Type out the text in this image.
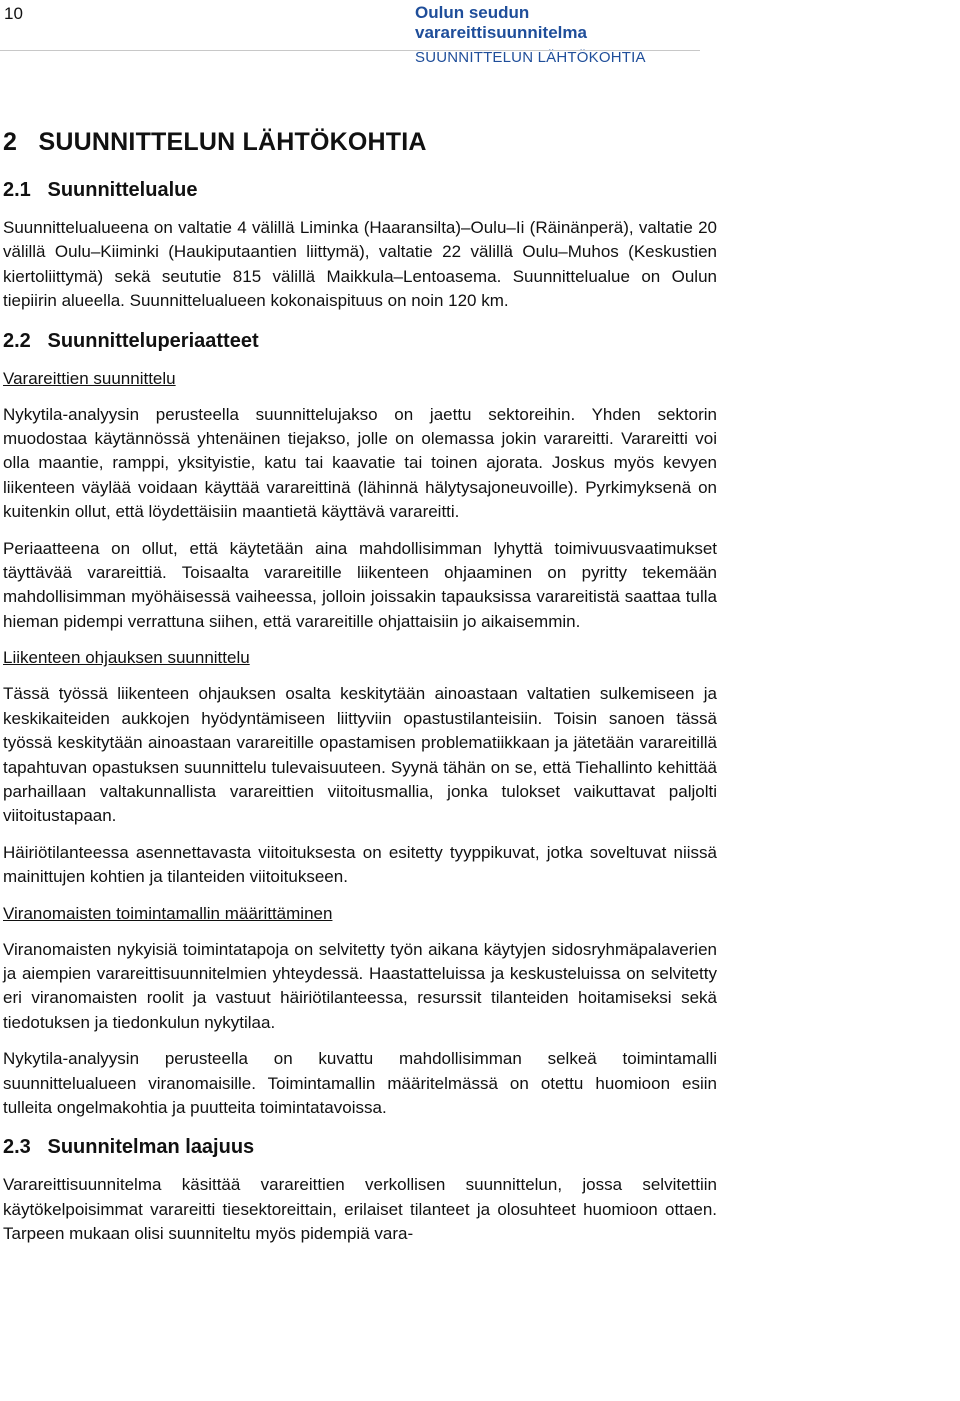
10	Oulun seudun varareittisuunnitelma
SUUNNITTELUN LÄHTÖKOHTIA
2   SUUNNITTELUN LÄHTÖKOHTIA
2.1   Suunnittelualue

Suunnittelualueena on valtatie 4 välillä Liminka (Haaransilta)–Oulu–Ii (Räinänperä), valtatie 20 välillä Oulu–Kiiminki (Haukiputaantien liittymä), valtatie 22 välillä Oulu–Muhos (Keskustien kiertoliittymä) sekä seututie 815 välillä Maikkula–Lentoasema. Suunnittelualue on Oulun tiepiirin alueella. Suunnittelualueen kokonaispituus on noin 120 km.

2.2   Suunnitteluperiaatteet
Varareittien suunnittelu

Nykytila-analyysin perusteella suunnittelujakso on jaettu sektoreihin. Yhden sektorin muodostaa käytännössä yhtenäinen tiejakso, jolle on olemassa jokin varareitti. Varareitti voi olla maantie, ramppi, yksityistie, katu tai kaavatie tai toinen ajorata. Joskus myös kevyen liikenteen väylää voidaan käyttää varareittinä (lähinnä hälytysajoneuvoille). Pyrkimyksenä on kuitenkin ollut, että löydettäisiin maantietä käyttävä varareitti.

Periaatteena on ollut, että käytetään aina mahdollisimman lyhyttä toimivuusvaatimukset täyttävää varareittiä. Toisaalta varareitille liikenteen ohjaaminen on pyritty tekemään mahdollisimman myöhäisessä vaiheessa, jolloin joissakin tapauksissa varareitistä saattaa tulla hieman pidempi verrattuna siihen, että varareitille ohjattaisiin jo aikaisemmin.

Liikenteen ohjauksen suunnittelu

Tässä työssä liikenteen ohjauksen osalta keskitytään ainoastaan valtatien sulkemiseen ja keskikaiteiden aukkojen hyödyntämiseen liittyviin opastustilanteisiin. Toisin sanoen tässä työssä keskitytään ainoastaan varareitille opastamisen problematiikkaan ja jätetään varareitillä tapahtuvan opastuksen suunnittelu tulevaisuuteen. Syynä tähän on se, että Tiehallinto kehittää parhaillaan valtakunnallista varareittien viitoitusmallia, jonka tulokset vaikuttavat paljolti viitoitustapaan.

Häiriötilanteessa asennettavasta viitoituksesta on esitetty tyyppikuvat, jotka soveltuvat niissä mainittujen kohtien ja tilanteiden viitoitukseen.

Viranomaisten toimintamallin määrittäminen

Viranomaisten nykyisiä toimintatapoja on selvitetty työn aikana käytyjen sidosryhmäpalaverien ja aiempien varareittisuunnitelmien yhteydessä. Haastatteluissa ja keskusteluissa on selvitetty eri viranomaisten roolit ja vastuut häiriötilanteessa, resurssit tilanteiden hoitamiseksi sekä tiedotuksen ja tiedonkulun nykytilaa.

Nykytila-analyysin perusteella on kuvattu mahdollisimman selkeä toimintamalli suunnittelualueen viranomaisille. Toimintamallin määritelmässä on otettu huomioon esiin tulleita ongelmakohtia ja puutteita toimintatavoissa.

2.3   Suunnitelman laajuus

Varareittisuunnitelma käsittää varareittien verkollisen suunnittelun, jossa selvitettiin käytökelpoisimmat varareitti tiesektoreittain, erilaiset tilanteet ja olosuhteet huomioon ottaen. Tarpeen mukaan olisi suunniteltu myös pidempiä vara-
